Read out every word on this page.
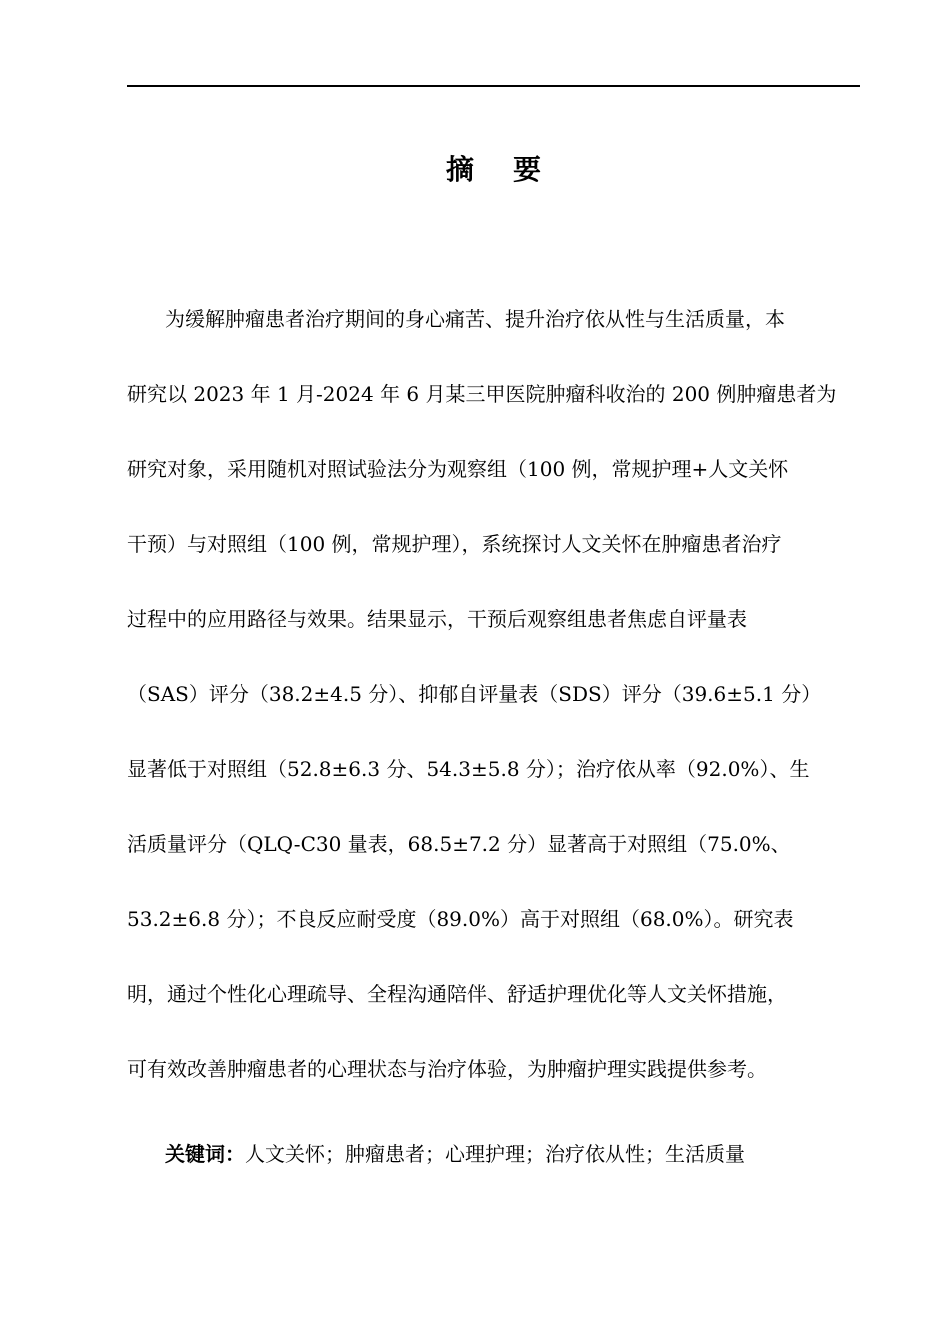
摘    要
为缓解肿瘤患者治疗期间的身心痛苦、提升治疗依从性与生活质量，本
研究以 2023 年 1 月-2024 年 6 月某三甲医院肿瘤科收治的 200 例肿瘤患者为
研究对象，采用随机对照试验法分为观察组（100 例，常规护理+人文关怀
干预）与对照组（100 例，常规护理），系统探讨人文关怀在肿瘤患者治疗
过程中的应用路径与效果。结果显示，干预后观察组患者焦虑自评量表
（SAS）评分（38.2±4.5 分）、抑郁自评量表（SDS）评分（39.6±5.1 分）
显著低于对照组（52.8±6.3 分、54.3±5.8 分）；治疗依从率（92.0%）、生
活质量评分（QLQ-C30 量表，68.5±7.2 分）显著高于对照组（75.0%、
53.2±6.8 分）；不良反应耐受度（89.0%）高于对照组（68.0%）。研究表
明，通过个性化心理疏导、全程沟通陪伴、舒适护理优化等人文关怀措施，
可有效改善肿瘤患者的心理状态与治疗体验，为肿瘤护理实践提供参考。
关键词：人文关怀；肿瘤患者；心理护理；治疗依从性；生活质量
